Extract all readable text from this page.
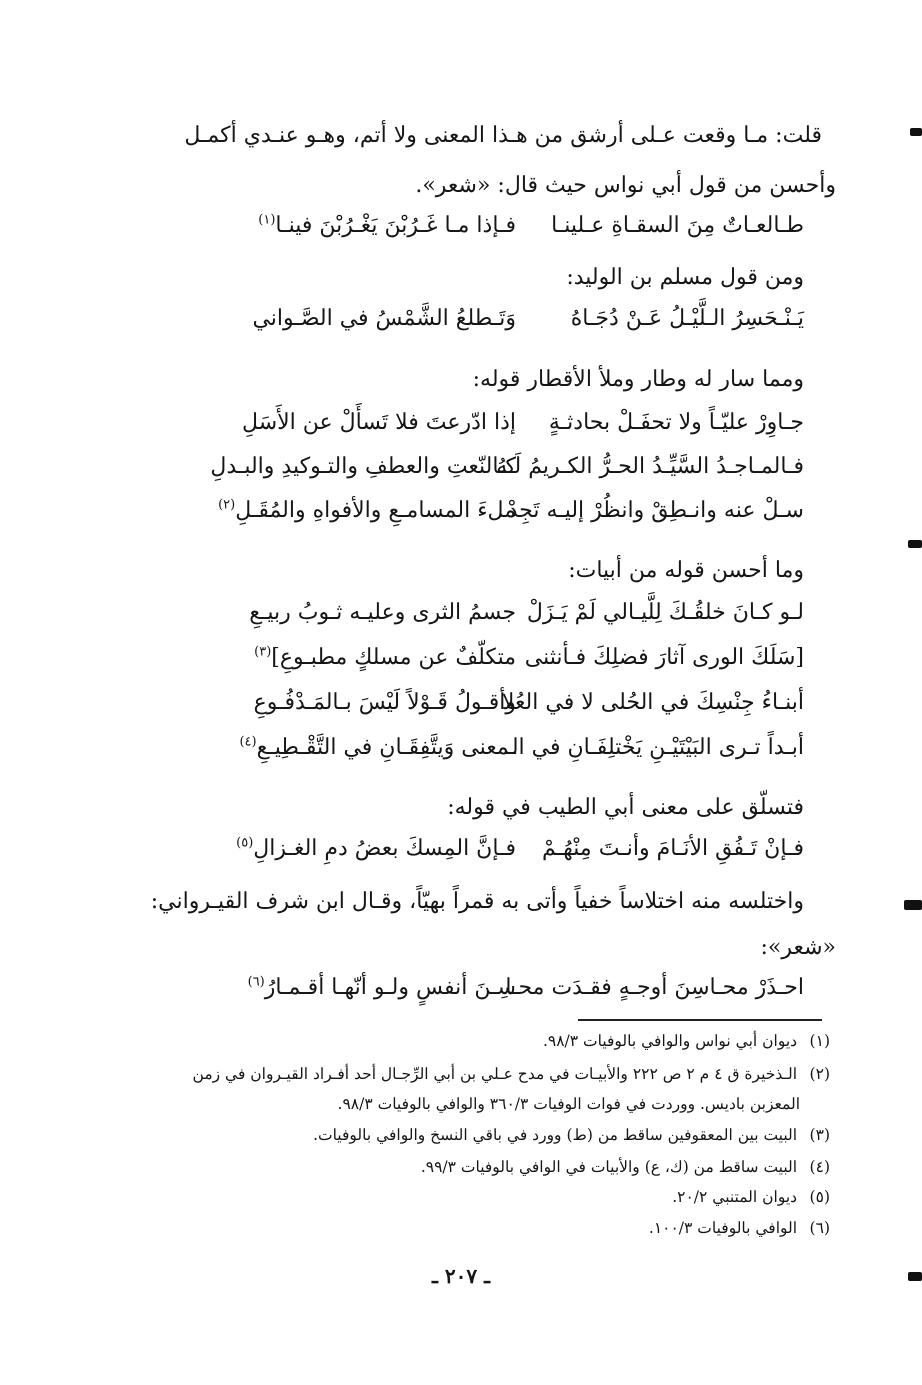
قلت: مـا وقعت عـلى أرشق من هـذا المعنى ولا أتم، وهـو عنـدي أكمـل
وأحسن من قول أبي نواس حيث قال: «شعر».
طـالعـاتٌ مِنَ السقـاةِ عـلينـا
فـإذا مـا غَـرُبْنَ يَغْـرُبْنَ فينـا$^{(١)}$
ومن قول مسلم بن الوليد:
يَـنْـحَسِرُ الـلَّيْـلُ عَـنْ دُجَـاهُ
وَتَـطلعُ الشَّمْسُ في الصَّـواني
ومما سار له وطار وملأ الأقطار قوله:
جـاوِرْ عليّـاً ولا تحفَـلْ بحادثـةٍ
إذا ادّرعتَ فلا تَسأَلْ عن الأَسَلِ
فـالمـاجـدُ السَّيِّـدُ الحـرُّ الكـريمُ لَـهُ
كـالنّعتِ والعطفِ والتـوكيدِ والبـدلِ
سـلْ عنه وانـطِقْ وانظُرْ إليـه تَجِدْ
ملءَ المسامـعِ والأفواهِ والمُقَـلِ$^{(٢)}$
وما أحسن قوله من أبيات:
لـو كـانَ خلقُـكَ لِلَّيـالي لَمْ يَـزَلْ
جسمُ الثرى وعليـه ثـوبُ ربيـعِ
[سَلَكَ الورى آثارَ فضلِكَ فـأنثنى
متكلّفٌ عن مسلكٍ مطبـوعِ]$^{(٣)}$
أبنـاءُ جِنْسِكَ في الحُلى لا في العُلا
وأقـولُ قَـوْلاً لَيْسَ بـالمَـدْفُـوعِ
أبـداً تـرى البَيْتَيْـنِ يَخْتلِفَـانِ في الـ
ـمعنى وَيتَّفِقَـانِ في التَّقْـطِيـعِ$^{(٤)}$
فتسلّق على معنى أبي الطيب في قوله:
فـإنْ تَـفُقِ الأنَـامَ وأنـتَ مِنْهُـمْ
فـإنَّ المِسكَ بعضُ دمِ الغـزالِ$^{(٥)}$
واختلسه منه اختلاساً خفياً وأتى به قمراً بهيّاً، وقـال ابن شرف القيـرواني:
«شعر»:
احـذَرْ محـاسِنَ أوجـهٍ فقـدَت محـا
سِـنَ أنفسٍ ولـو أنّهـا أقـمـارُ$^{(٦)}$
(١) ديوان أبي نواس والوافي بالوفيات ٩٨/٣.
(٢) الـذخيرة ق ٤ م ٢ ص ٢٢٢ والأبيـات في مدح عـلي بن أبي الرِّجـال أحد أفـراد القيـروان في زمن
المعزبن باديس. ووردت في فوات الوفيات ٣٦٠/٣ والوافي بالوفيات ٩٨/٣.
(٣) البيت بين المعقوفين ساقط من (ط) وورد في باقي النسخ والوافي بالوفيات.
(٤) البيت ساقط من (ك، ع) والأبيات في الوافي بالوفيات ٩٩/٣.
(٥) ديوان المتنبي ٢٠/٢.
(٦) الوافي بالوفيات ١٠٠/٣.
ـ ٢٠٧ ـ
